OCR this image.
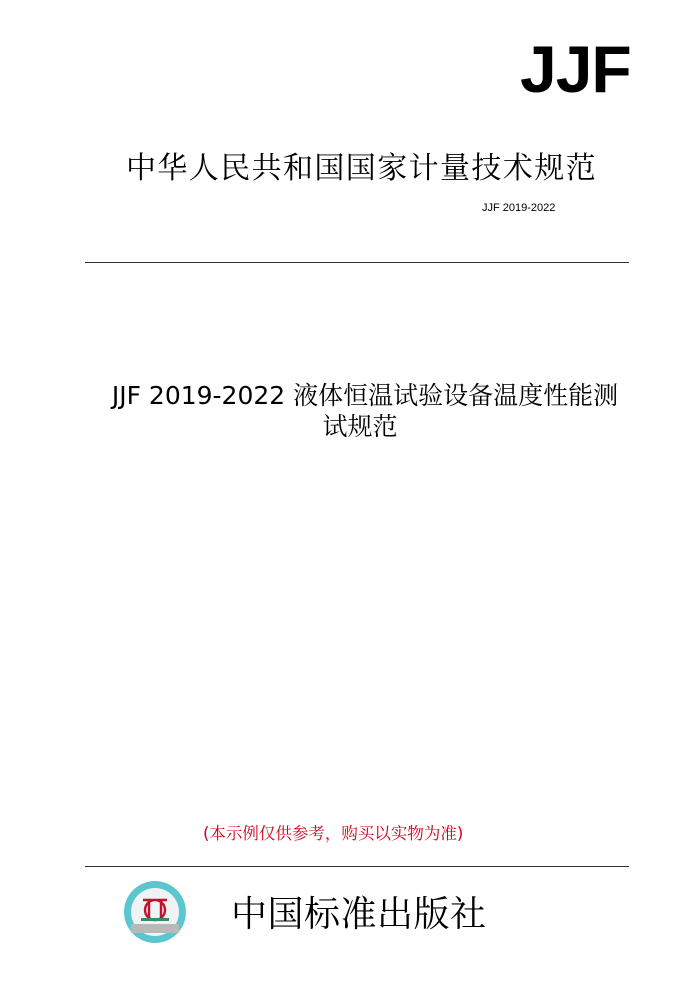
JJF
中华人民共和国国家计量技术规范
JJF 2019-2022
JJF 2019-2022 液体恒温试验设备温度性能测
试规范
(本示例仅供参考，购买以实物为准)
中国标准出版社
